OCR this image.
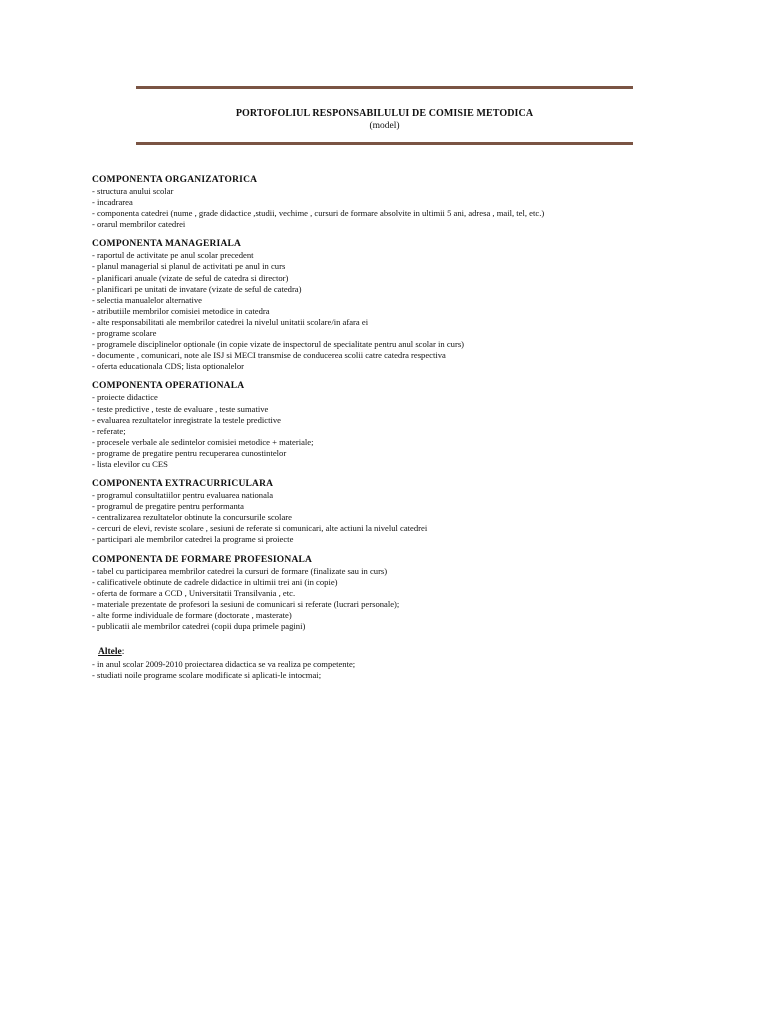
PORTOFOLIUL RESPONSABILULUI DE COMISIE METODICA
(model)
COMPONENTA ORGANIZATORICA
- structura anului scolar
- incadrarea
- componenta catedrei (nume , grade didactice ,studii, vechime , cursuri de formare absolvite in ultimii 5 ani, adresa , mail, tel, etc.)
- orarul membrilor catedrei
COMPONENTA MANAGERIALA
- raportul de activitate pe anul scolar precedent
- planul managerial si planul de activitati pe anul in curs
- planificari anuale (vizate de seful de catedra si director)
- planificari pe unitati de invatare (vizate de seful de catedra)
- selectia manualelor alternative
- atributiile membrilor comisiei metodice in catedra
- alte responsabilitati ale membrilor catedrei la nivelul unitatii scolare/in afara ei
- programe scolare
- programele disciplinelor optionale (in copie vizate de inspectorul de specialitate pentru anul scolar in curs)
- documente , comunicari, note ale ISJ si MECI transmise de conducerea scolii catre catedra respectiva
- oferta educationala CDS; lista optionalelor
COMPONENTA OPERATIONALA
- proiecte didactice
- teste predictive , teste de evaluare , teste sumative
- evaluarea rezultatelor inregistrate la testele predictive
- referate;
- procesele verbale ale sedintelor comisiei metodice + materiale;
- programe de pregatire pentru recuperarea cunostintelor
- lista elevilor cu CES
COMPONENTA EXTRACURRICULARA
- programul consultatiilor pentru evaluarea nationala
- programul de pregatire pentru performanta
- centralizarea rezultatelor obtinute la concursurile scolare
- cercuri de elevi, reviste scolare , sesiuni de referate si comunicari, alte actiuni la nivelul catedrei
- participari ale membrilor catedrei la programe si proiecte
COMPONENTA DE FORMARE PROFESIONALA
- tabel cu participarea membrilor catedrei la cursuri de formare (finalizate sau in curs)
- calificativele obtinute de cadrele didactice in ultimii trei ani (in copie)
- oferta de formare a CCD , Universitatii Transilvania , etc.
- materiale prezentate de profesori la sesiuni de comunicari si referate (lucrari personale);
- alte forme individuale de formare (doctorate , masterate)
- publicatii ale membrilor catedrei (copii dupa primele pagini)
Altele:
- in anul scolar 2009-2010 proiectarea didactica se va realiza pe competente;
- studiati noile programe scolare modificate si aplicati-le intocmai;
